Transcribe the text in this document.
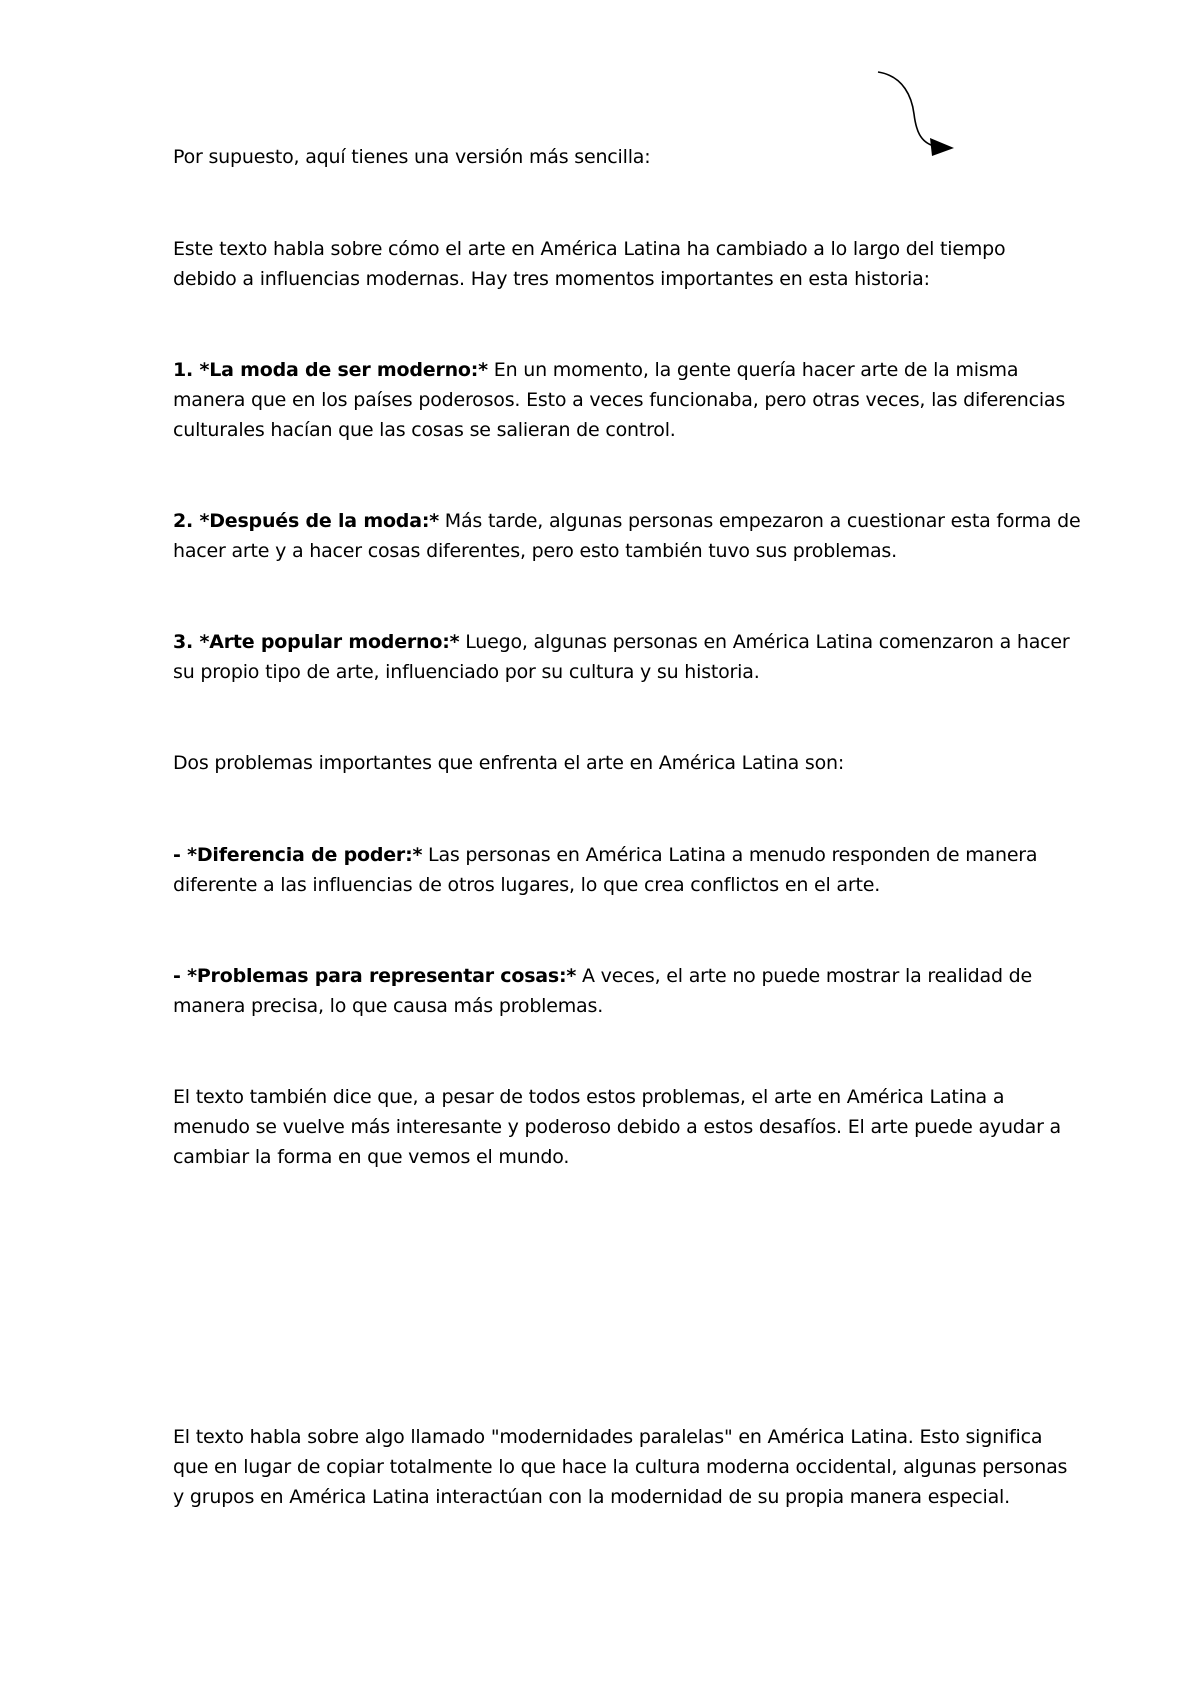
Por supuesto, aquí tienes una versión más sencilla:

Este texto habla sobre cómo el arte en América Latina ha cambiado a lo largo del tiempo
debido a influencias modernas. Hay tres momentos importantes en esta historia:

1. *La moda de ser moderno:* En un momento, la gente quería hacer arte de la misma
manera que en los países poderosos. Esto a veces funcionaba, pero otras veces, las diferencias
culturales hacían que las cosas se salieran de control.

2. *Después de la moda:* Más tarde, algunas personas empezaron a cuestionar esta forma de
hacer arte y a hacer cosas diferentes, pero esto también tuvo sus problemas.

3. *Arte popular moderno:* Luego, algunas personas en América Latina comenzaron a hacer
su propio tipo de arte, influenciado por su cultura y su historia.

Dos problemas importantes que enfrenta el arte en América Latina son:

- *Diferencia de poder:* Las personas en América Latina a menudo responden de manera
diferente a las influencias de otros lugares, lo que crea conflictos en el arte.

- *Problemas para representar cosas:* A veces, el arte no puede mostrar la realidad de
manera precisa, lo que causa más problemas.

El texto también dice que, a pesar de todos estos problemas, el arte en América Latina a
menudo se vuelve más interesante y poderoso debido a estos desafíos. El arte puede ayudar a
cambiar la forma en que vemos el mundo.

El texto habla sobre algo llamado "modernidades paralelas" en América Latina. Esto significa
que en lugar de copiar totalmente lo que hace la cultura moderna occidental, algunas personas
y grupos en América Latina interactúan con la modernidad de su propia manera especial.
